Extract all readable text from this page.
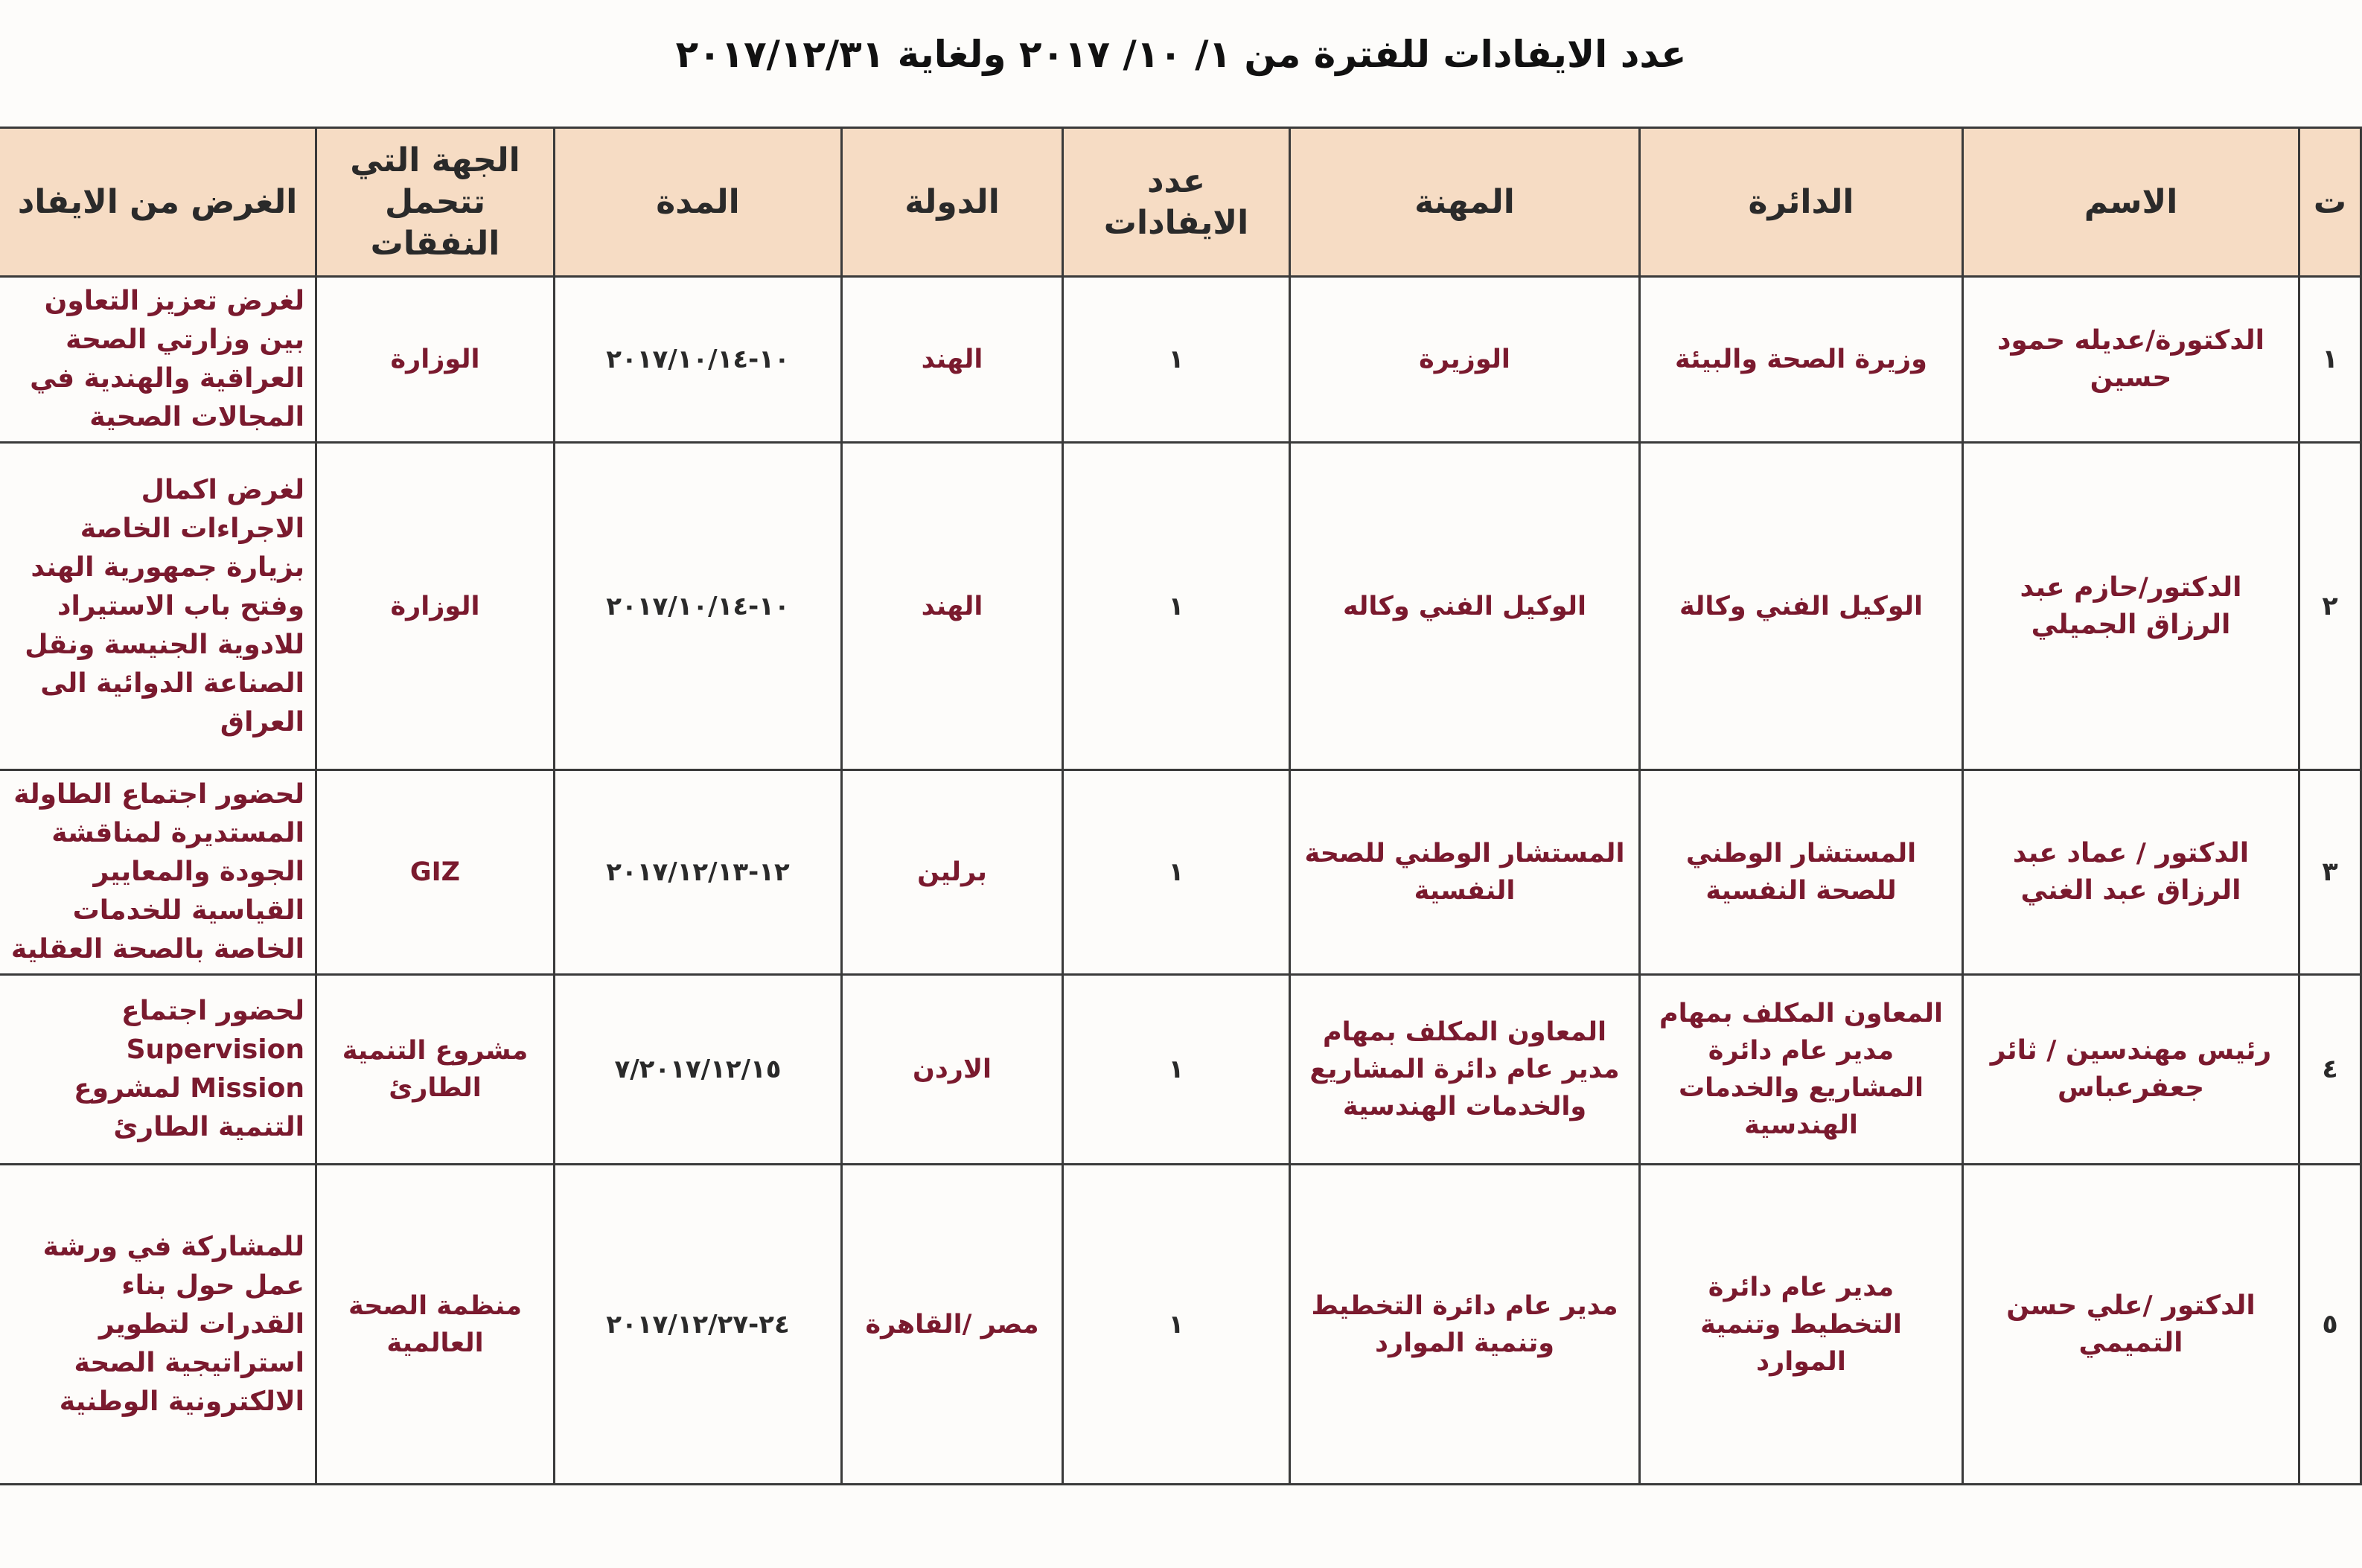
عدد الايفادات للفترة من ١/ ١٠/ ٢٠١٧ ولغاية ٢٠١٧/١٢/٣١
ت	الاسم	الدائرة	المهنة	عدد الايفادات	الدولة	المدة	الجهة التي تتحمل النفقات	الغرض من الايفاد
١	الدكتورة/عديله حمود حسين	وزيرة الصحة والبيئة	الوزيرة	١	الهند	١٠-٢٠١٧/١٠/١٤	الوزارة	لغرض تعزيز التعاون بين وزارتي الصحة العراقية والهندية في المجالات الصحية
٢	الدكتور/حازم عبد الرزاق الجميلي	الوكيل الفني وكالة	الوكيل الفني وكاله	١	الهند	١٠-٢٠١٧/١٠/١٤	الوزارة	لغرض اكمال الاجراءات الخاصة بزيارة جمهورية الهند وفتح باب الاستيراد للادوية الجنيسة ونقل الصناعة الدوائية الى العراق
٣	الدكتور / عماد عبد الرزاق عبد الغني	المستشار الوطني للصحة النفسية	المستشار الوطني للصحة النفسية	١	برلين	١٢-٢٠١٧/١٢/١٣	GIZ	لحضور اجتماع الطاولة المستديرة لمناقشة الجودة والمعايير القياسية للخدمات الخاصة بالصحة العقلية
٤	رئيس مهندسين / ثائر جعفرعباس	المعاون المكلف بمهام مدير عام دائرة المشاريع والخدمات الهندسية	المعاون المكلف بمهام مدير عام دائرة المشاريع والخدمات الهندسية	١	الاردن	٧/٢٠١٧/١٢/١٥	مشروع التنمية الطارئ	لحضور اجتماع Supervision Mission لمشروع التنمية الطارئ
٥	الدكتور /علي حسن التميمي	مدير عام دائرة التخطيط وتنمية الموارد	مدير عام دائرة التخطيط وتنمية الموارد	١	مصر /القاهرة	٢٤-٢٠١٧/١٢/٢٧	منظمة الصحة العالمية	للمشاركة في ورشة عمل حول بناء القدرات لتطوير استراتيجية الصحة الالكترونية الوطنية
